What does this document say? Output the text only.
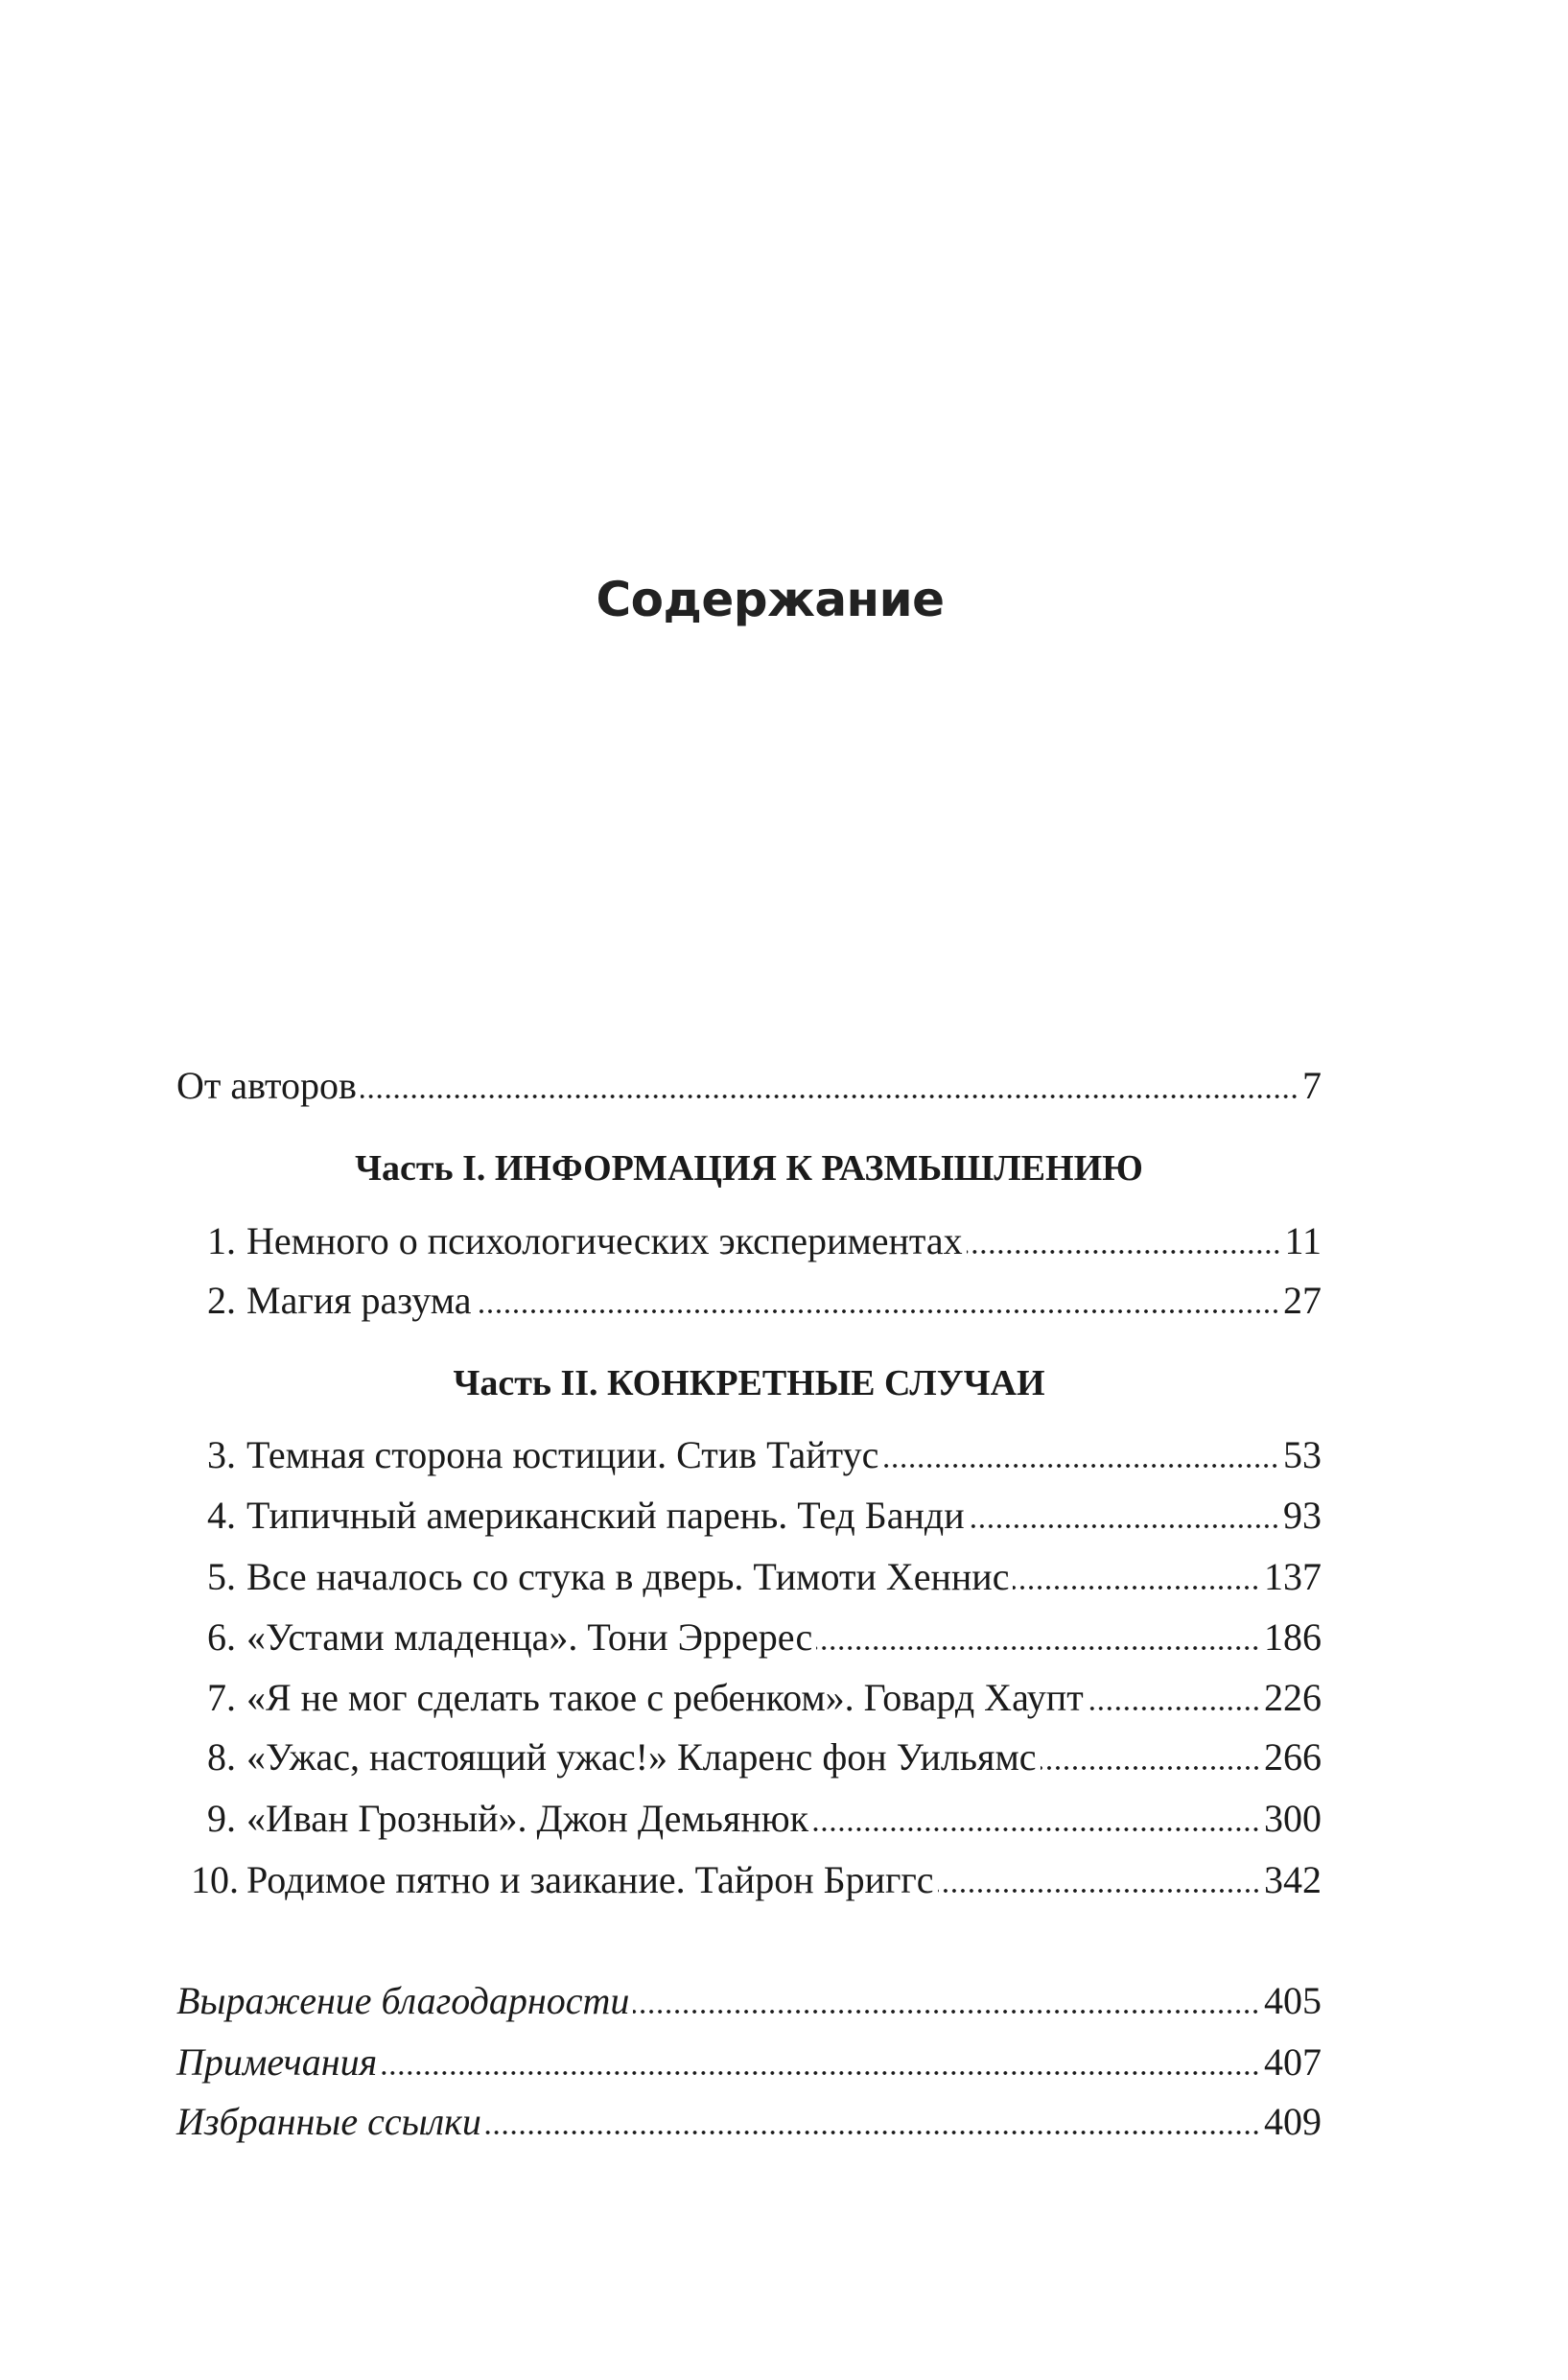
Содержание
От авторов	7
Часть I. ИНФОРМАЦИЯ К РАЗМЫШЛЕНИЮ
1. Немного о психологических экспериментах	11
2. Магия разума	27
Часть II. КОНКРЕТНЫЕ СЛУЧАИ
3. Темная сторона юстиции. Стив Тайтус	53
4. Типичный американский парень. Тед Банди	93
5. Все началось со стука в дверь. Тимоти Хеннис	137
6. «Устами младенца». Тони Эрререс	186
7. «Я не мог сделать такое с ребенком». Говард Хаупт	226
8. «Ужас, настоящий ужас!» Кларенс фон Уильямс	266
9. «Иван Грозный». Джон Демьянюк	300
10. Родимое пятно и заикание. Тайрон Бриггс	342
Выражение благодарности	405
Примечания	407
Избранные ссылки	409
